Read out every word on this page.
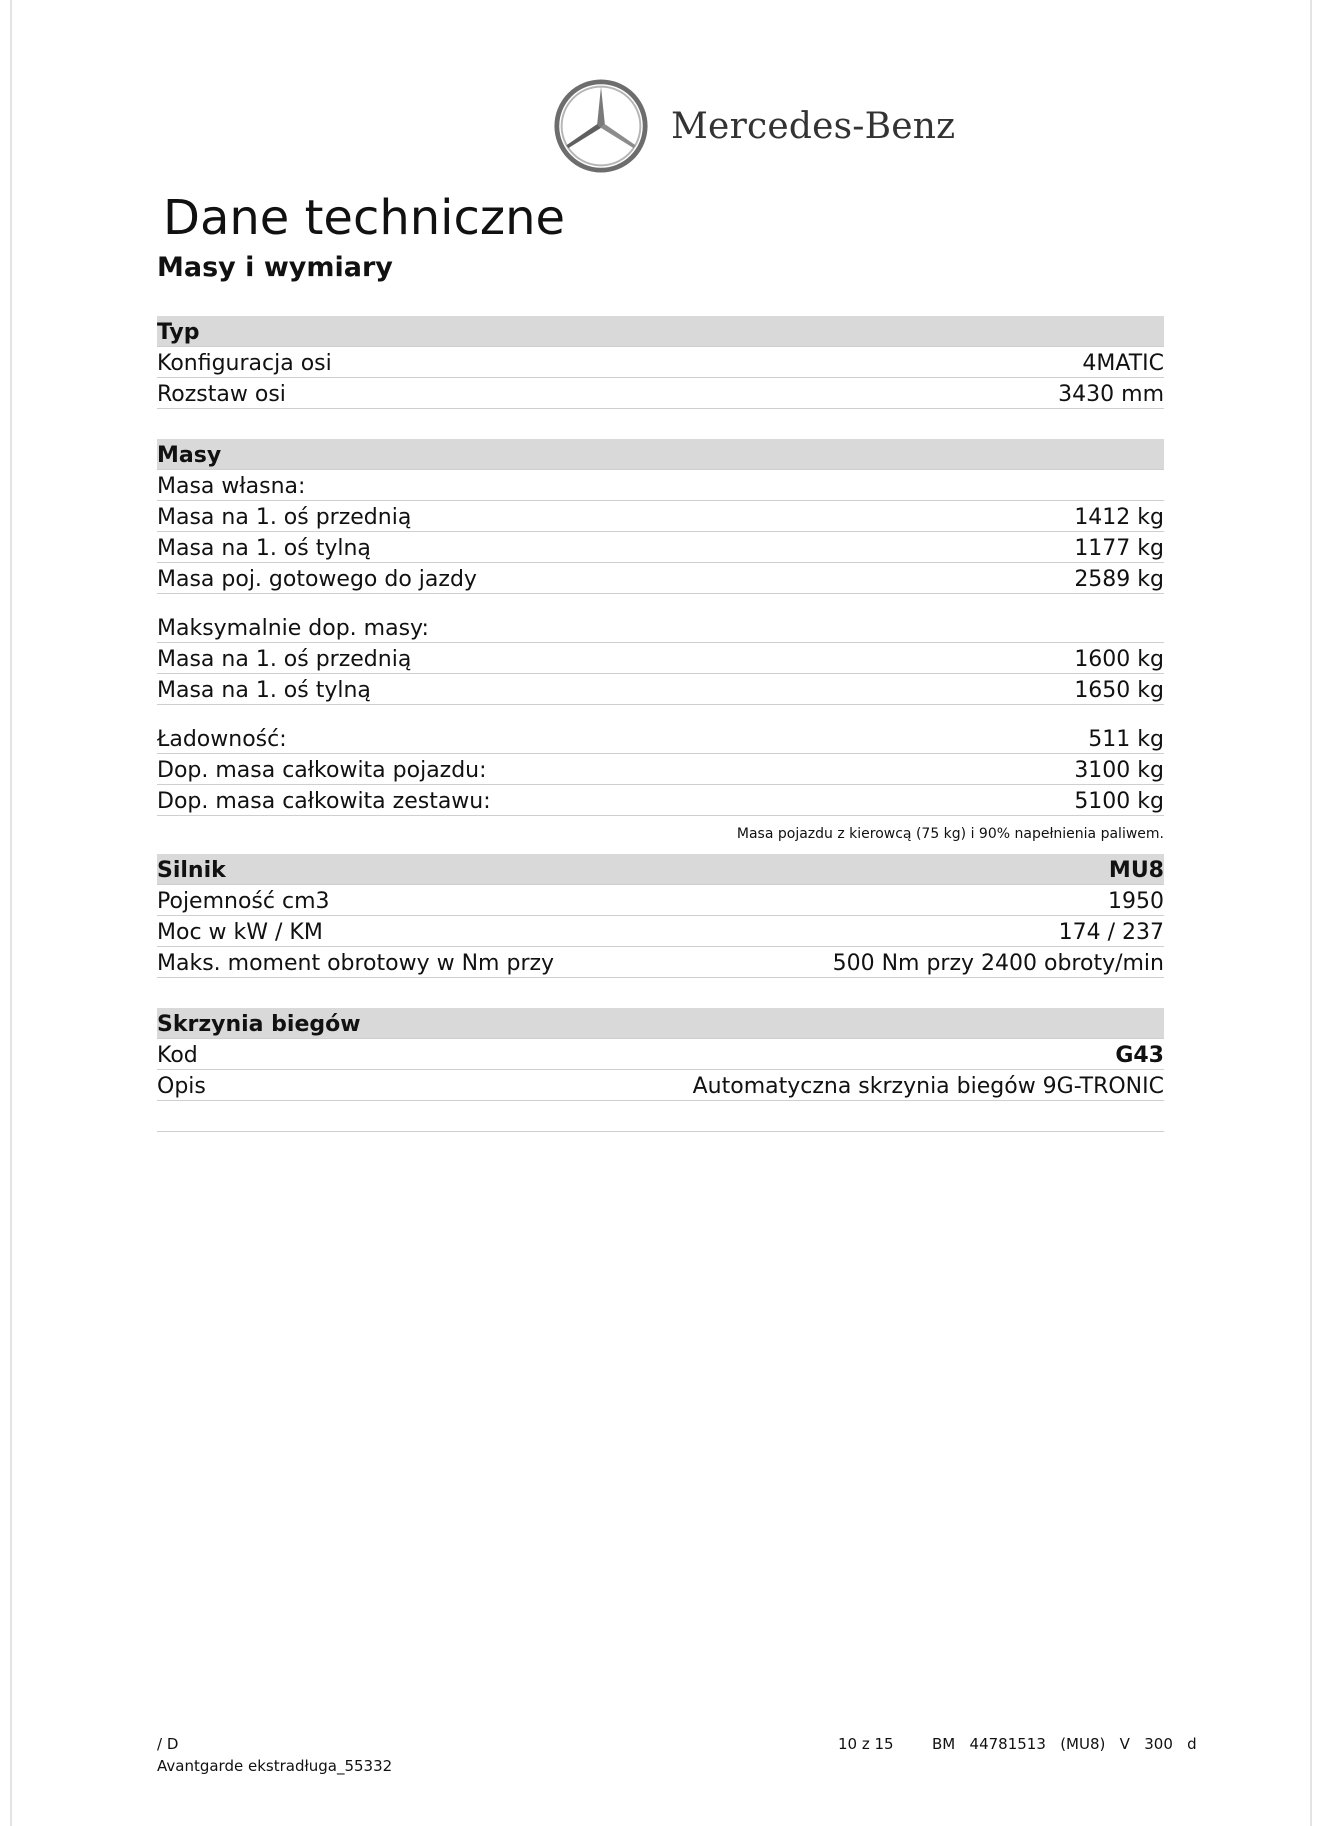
Mercedes-Benz
Dane techniczne
Masy i wymiary
Typ
Konfiguracja osi	4MATIC
Rozstaw osi	3430 mm
Masy
Masa własna:
Masa na 1. oś przednią	1412 kg
Masa na 1. oś tylną	1177 kg
Masa poj. gotowego do jazdy	2589 kg
Maksymalnie dop. masy:
Masa na 1. oś przednią	1600 kg
Masa na 1. oś tylną	1650 kg
Ładowność:	511 kg
Dop. masa całkowita pojazdu:	3100 kg
Dop. masa całkowita zestawu:	5100 kg
Masa pojazdu z kierowcą (75 kg) i 90% napełnienia paliwem.
Silnik	MU8
Pojemność cm3	1950
Moc w kW / KM	174 / 237
Maks. moment obrotowy w Nm przy	500 Nm przy 2400 obroty/min
Skrzynia biegów
Kod	G43
Opis	Automatyczna skrzynia biegów 9G-TRONIC
/ D
Avantgarde ekstradługa_55332
10 z 15	BM   44781513   (MU8)   V   300   d
